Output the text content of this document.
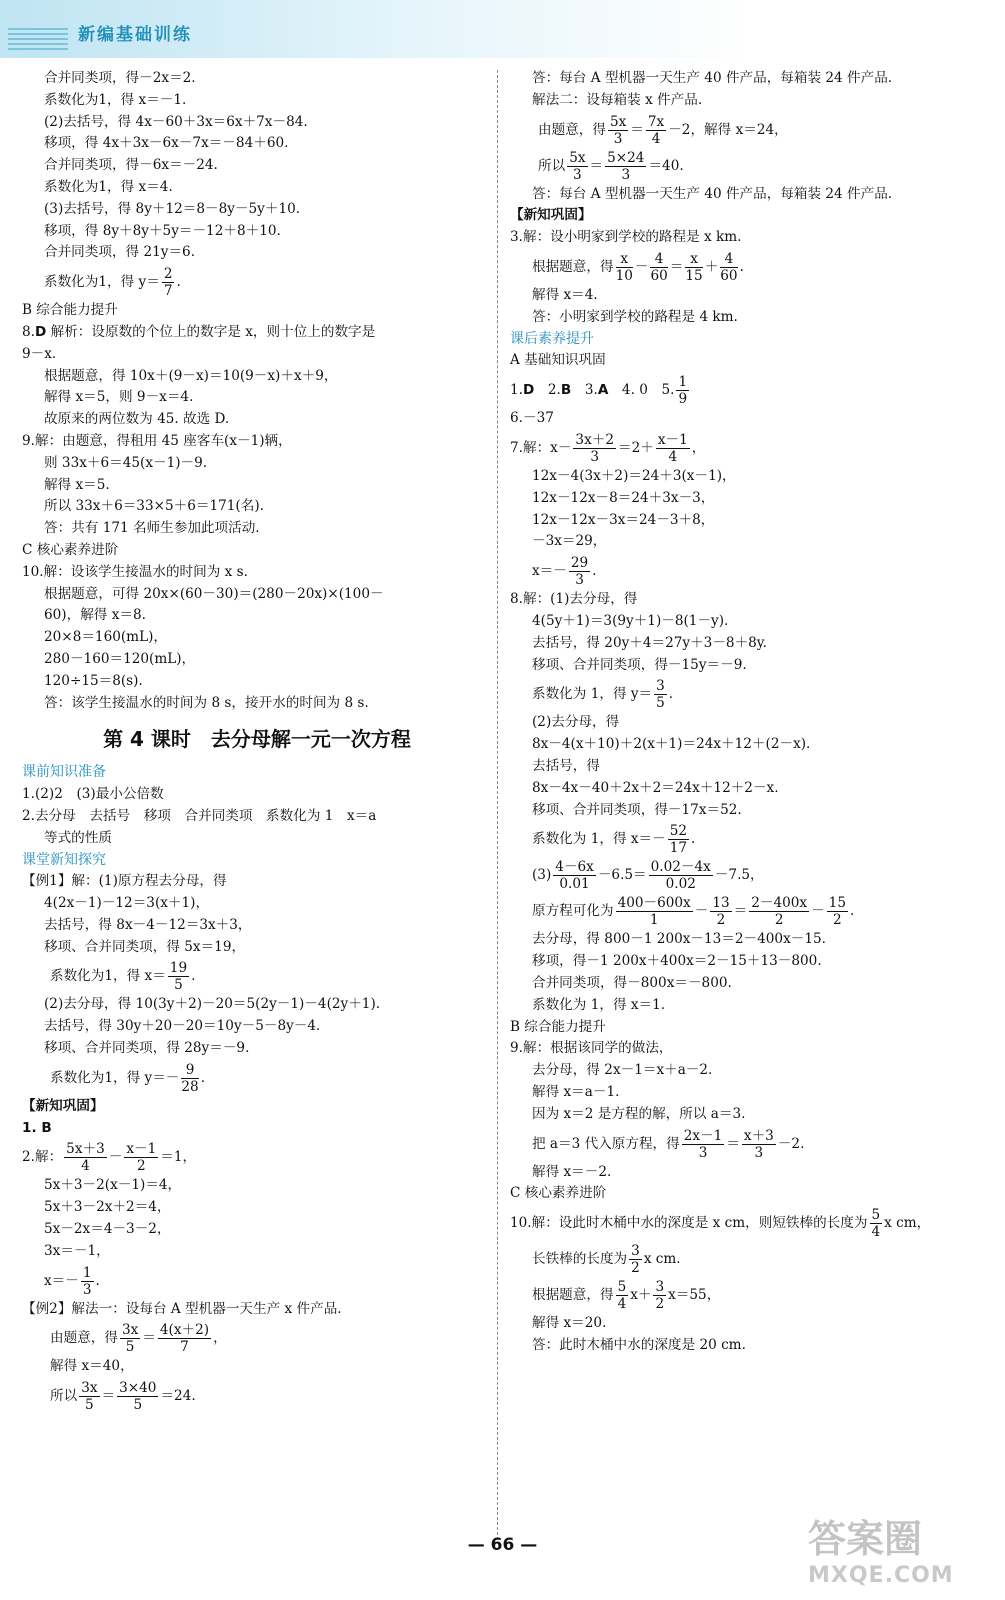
新编基础训练
合并同类项，得－2x＝2.
系数化为1，得 x＝－1.
(2)去括号，得 4x－60＋3x＝6x＋7x－84.
移项，得 4x＋3x－6x－7x＝－84＋60.
合并同类项，得－6x＝－24.
系数化为1，得 x＝4.
(3)去括号，得 8y＋12＝8－8y－5y＋10.
移项，得 8y＋8y＋5y＝－12＋8＋10.
合并同类项，得 21y＝6.
系数化为1，得 $y= \frac{2}{7}$ .
B 综合能力提升
8.D 解析：设原数的个位上的数字是 x，则十位上的数字是
9－x.
根据题意，得 10x＋(9－x)＝10(9－x)＋x＋9，
解得 x＝5，则 9－x＝4.
故原来的两位数为 45. 故选 D.
9.解：由题意，得租用 45 座客车(x－1)辆，
则 33x＋6＝45(x－1)－9.
解得 x＝5.
所以 33x＋6＝33×5＋6＝171(名).
答：共有 171 名师生参加此项活动.
C 核心素养进阶
10.解：设该学生接温水的时间为 x s.
根据题意，可得 20x×(60－30)＝(280－20x)×(100－
60)，解得 x＝8.
20×8＝160(mL)，
280－160＝120(mL)，
120÷15＝8(s).
答：该学生接温水的时间为 8 s，接开水的时间为 8 s.
第 4 课时　去分母解一元一次方程
课前知识准备
1.(2)2　(3)最小公倍数
2.去分母　去括号　移项　合并同类项　系数化为 1　x＝a
等式的性质
课堂新知探究
【例1】解：(1)原方程去分母，得
4(2x－1)－12＝3(x＋1)，
去括号，得 8x－4－12＝3x＋3，
移项、合并同类项，得 5x＝19，
系数化为1，得 $x= \frac{19}{5}$ .
(2)去分母，得 10(3y＋2)－20＝5(2y－1)－4(2y＋1).
去括号，得 30y＋20－20＝10y－5－8y－4.
移项、合并同类项，得 28y＝－9.
系数化为1，得 $y=- \frac{9}{28}$ .
【新知巩固】
1. B
2.解： $\frac{5x+3}{4} - \frac{x-1}{2} =1$，
5x＋3－2(x－1)＝4，
5x＋3－2x＋2＝4，
5x－2x＝4－3－2，
3x＝－1，
$x=- \frac{1}{3}$ .
【例2】解法一：设每台 A 型机器一天生产 x 件产品.
由题意，得 $\frac{3x}{5} = \frac{4(x+2)}{7}$ ，
解得 x＝40，
所以 $\frac{3x}{5} = \frac{3\times 40}{5} =24$.
答：每台 A 型机器一天生产 40 件产品，每箱装 24 件产品.
解法二：设每箱装 x 件产品.
由题意，得 $\frac{5x}{3} = \frac{7x}{4} -2$，解得 x＝24，
所以 $\frac{5x}{3} = \frac{5\times 24}{3} =40$.
答：每台 A 型机器一天生产 40 件产品，每箱装 24 件产品.
【新知巩固】
3.解：设小明家到学校的路程是 x km.
根据题意，得 $\frac{x}{10} - \frac{4}{60} = \frac{x}{15} + \frac{4}{60}$ .
解得 x＝4.
答：小明家到学校的路程是 4 km.
课后素养提升
A 基础知识巩固
1.D　2.B　3.A　4. 0　5. $\frac{1}{9}$
6.－37
7.解：$x- \frac{3x+2}{3} =2+ \frac{x-1}{4}$ ，
12x－4(3x＋2)＝24＋3(x－1)，
12x－12x－8＝24＋3x－3，
12x－12x－3x＝24－3＋8，
－3x＝29，
$x=- \frac{29}{3}$ .
8.解：(1)去分母，得
4(5y＋1)＝3(9y＋1)－8(1－y).
去括号，得 20y＋4＝27y＋3－8＋8y.
移项、合并同类项，得－15y＝－9.
系数化为 1，得 $y= \frac{3}{5}$ .
(2)去分母，得
8x－4(x＋10)＋2(x＋1)＝24x＋12＋(2－x).
去括号，得
8x－4x－40＋2x＋2＝24x＋12＋2－x.
移项、合并同类项，得－17x＝52.
系数化为 1，得 $x=- \frac{52}{17}$ .
$(3) \frac{4-6x}{0.01} -6.5= \frac{0.02-4x}{0.02} -7.5$，
原方程可化为 $\frac{400-600x}{1} - \frac{13}{2} = \frac{2-400x}{2} - \frac{15}{2}$ .
去分母，得 800－1 200x－13＝2－400x－15.
移项，得－1 200x＋400x＝2－15＋13－800.
合并同类项，得－800x＝－800.
系数化为 1，得 x＝1.
B 综合能力提升
9.解：根据该同学的做法，
去分母，得 2x－1＝x＋a－2.
解得 x＝a－1.
因为 x＝2 是方程的解，所以 a＝3.
把 a＝3 代入原方程，得 $\frac{2x-1}{3} = \frac{x+3}{3} -2$.
解得 x＝－2.
C 核心素养进阶
10.解：设此时木桶中水的深度是 x cm，则短铁棒的长度为 $\frac{5}{4}$ x cm，
长铁棒的长度为 $\frac{3}{2}$ x cm.
根据题意，得 $\frac{5}{4} x+ \frac{3}{2} x=55$，
解得 x＝20.
答：此时木桶中水的深度是 20 cm.
— 66 —	答案圈
MXQE.COM
